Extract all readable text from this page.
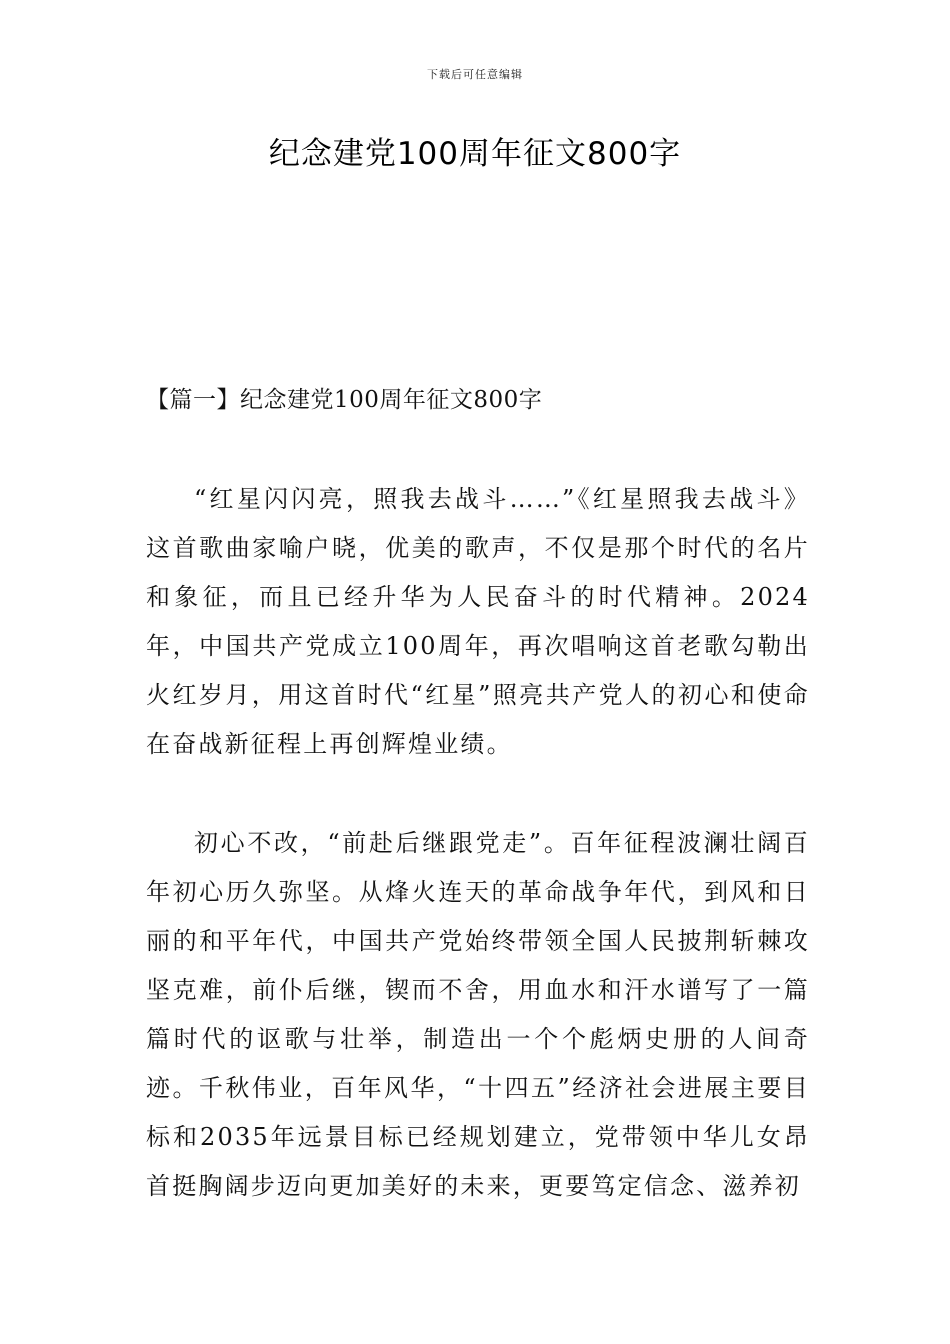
下载后可任意编辑
纪念建党100周年征文800字
【篇一】纪念建党100周年征文800字

“红星闪闪亮，照我去战斗……”《红星照我去战斗》这首歌曲家喻户晓，优美的歌声，不仅是那个时代的名片和象征，而且已经升华为人民奋斗的时代精神。2024年，中国共产党成立100周年，再次唱响这首老歌勾勒出火红岁月，用这首时代“红星”照亮共产党人的初心和使命在奋战新征程上再创辉煌业绩。

初心不改，“前赴后继跟党走”。百年征程波澜壮阔百年初心历久弥坚。从烽火连天的革命战争年代，到风和日丽的和平年代，中国共产党始终带领全国人民披荆斩棘攻坚克难，前仆后继，锲而不舍，用血水和汗水谱写了一篇篇时代的讴歌与壮举，制造出一个个彪炳史册的人间奇迹。千秋伟业，百年风华，“十四五”经济社会进展主要目标和2035年远景目标已经规划建立，党带领中华儿女昂首挺胸阔步迈向更加美好的未来，更要笃定信念、滋养初
